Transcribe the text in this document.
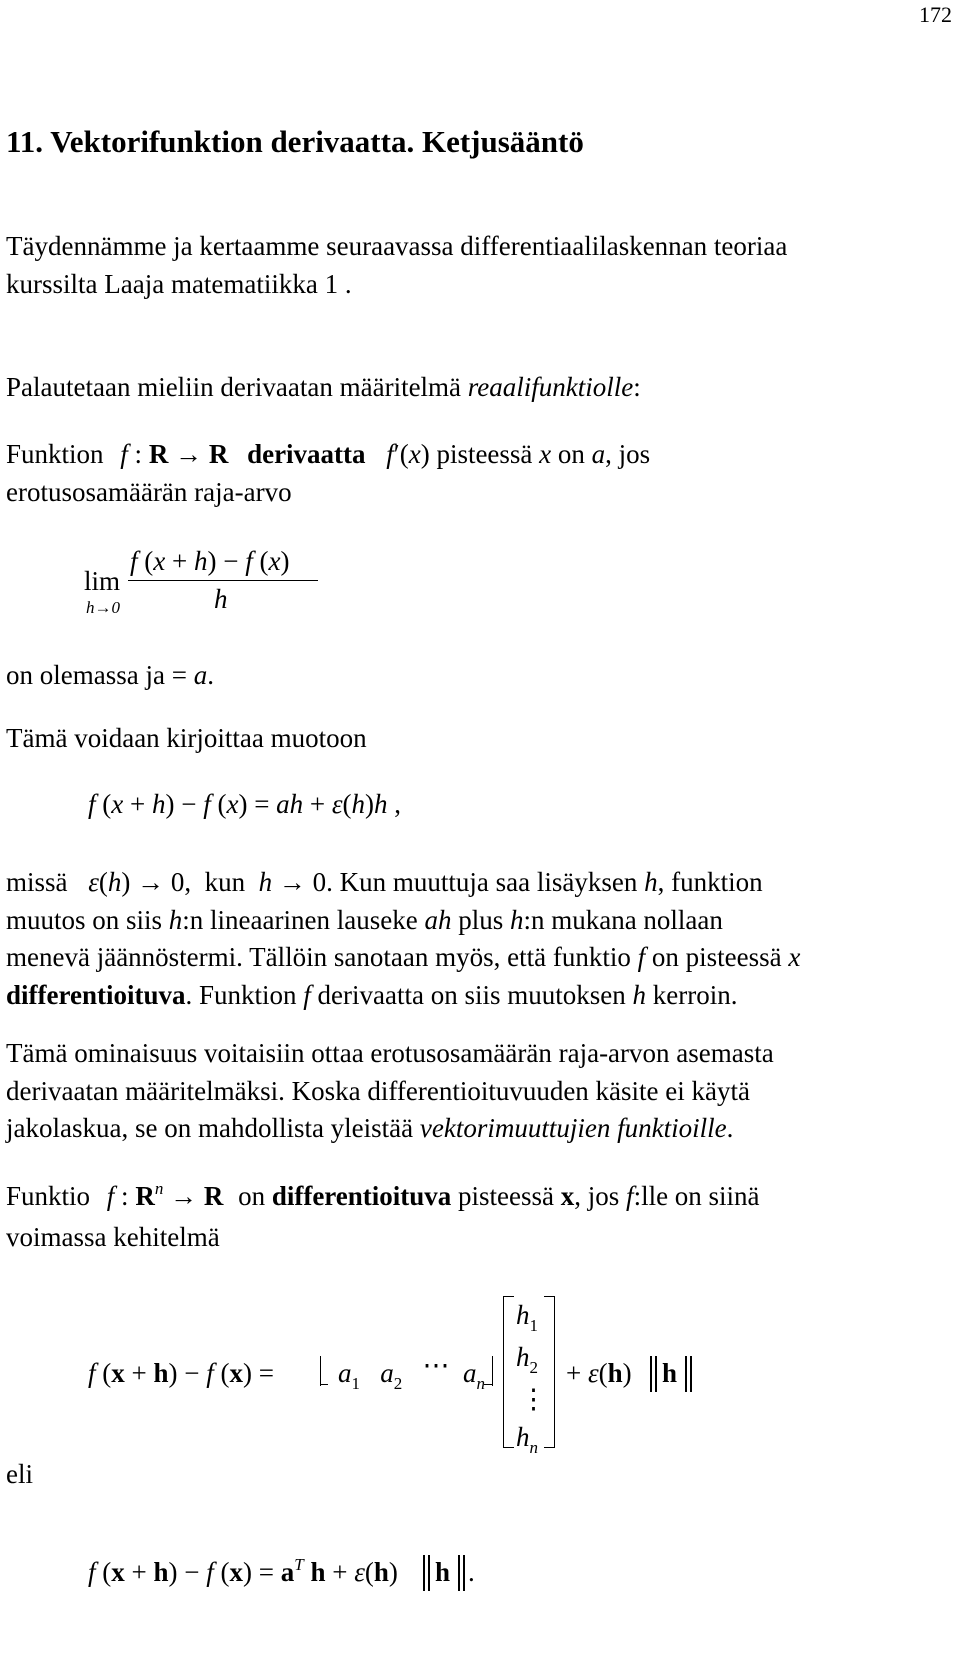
172
11. Vektorifunktion derivaatta. Ketjusääntö
Täydennämme ja kertaamme seuraavassa differentiaalilaskennan teoriaa
kurssilta Laaja matematiikka 1 .
Palautetaan mieliin derivaatan määritelmä reaalifunktiolle:
Funktion f : R → R derivaatta f′(x) pisteessä x on a, jos
erotusosamäärän raja-arvo
lim
h→0
f (x + h) − f (x)
h
on olemassa ja = a.
Tämä voidaan kirjoittaa muotoon
f (x + h) − f (x) = ah + ε(h)h ,
missä ε(h) → 0,  kun  h → 0. Kun muuttuja saa lisäyksen h, funktion
muutos on siis h:n lineaarinen lauseke ah plus h:n mukana nollaan
menevä jäännöstermi. Tällöin sanotaan myös, että funktio f on pisteessä x
differentioituva. Funktion f derivaatta on siis muutoksen h kerroin.
Tämä ominaisuus voitaisiin ottaa erotusosamäärän raja-arvon asemasta
derivaatan määritelmäksi. Koska differentioituvuuden käsite ei käytä
jakolaskua, se on mahdollista yleistää vektorimuuttujien funktioille.
Funktio f : $R^n \to R$ on differentioituva pisteessä x, jos f:lle on siinä
voimassa kehitelmä
f (x + h) − f $(x) = a_1$ $a_2$   ⋯ $a_n$
$h_1$
$h_2$
⋮
$h_n$
+ ε(h) ‖ h ‖
eli
f (x + h) − f $(x) = a^T$ h + ε(h) ‖ h ‖ .
